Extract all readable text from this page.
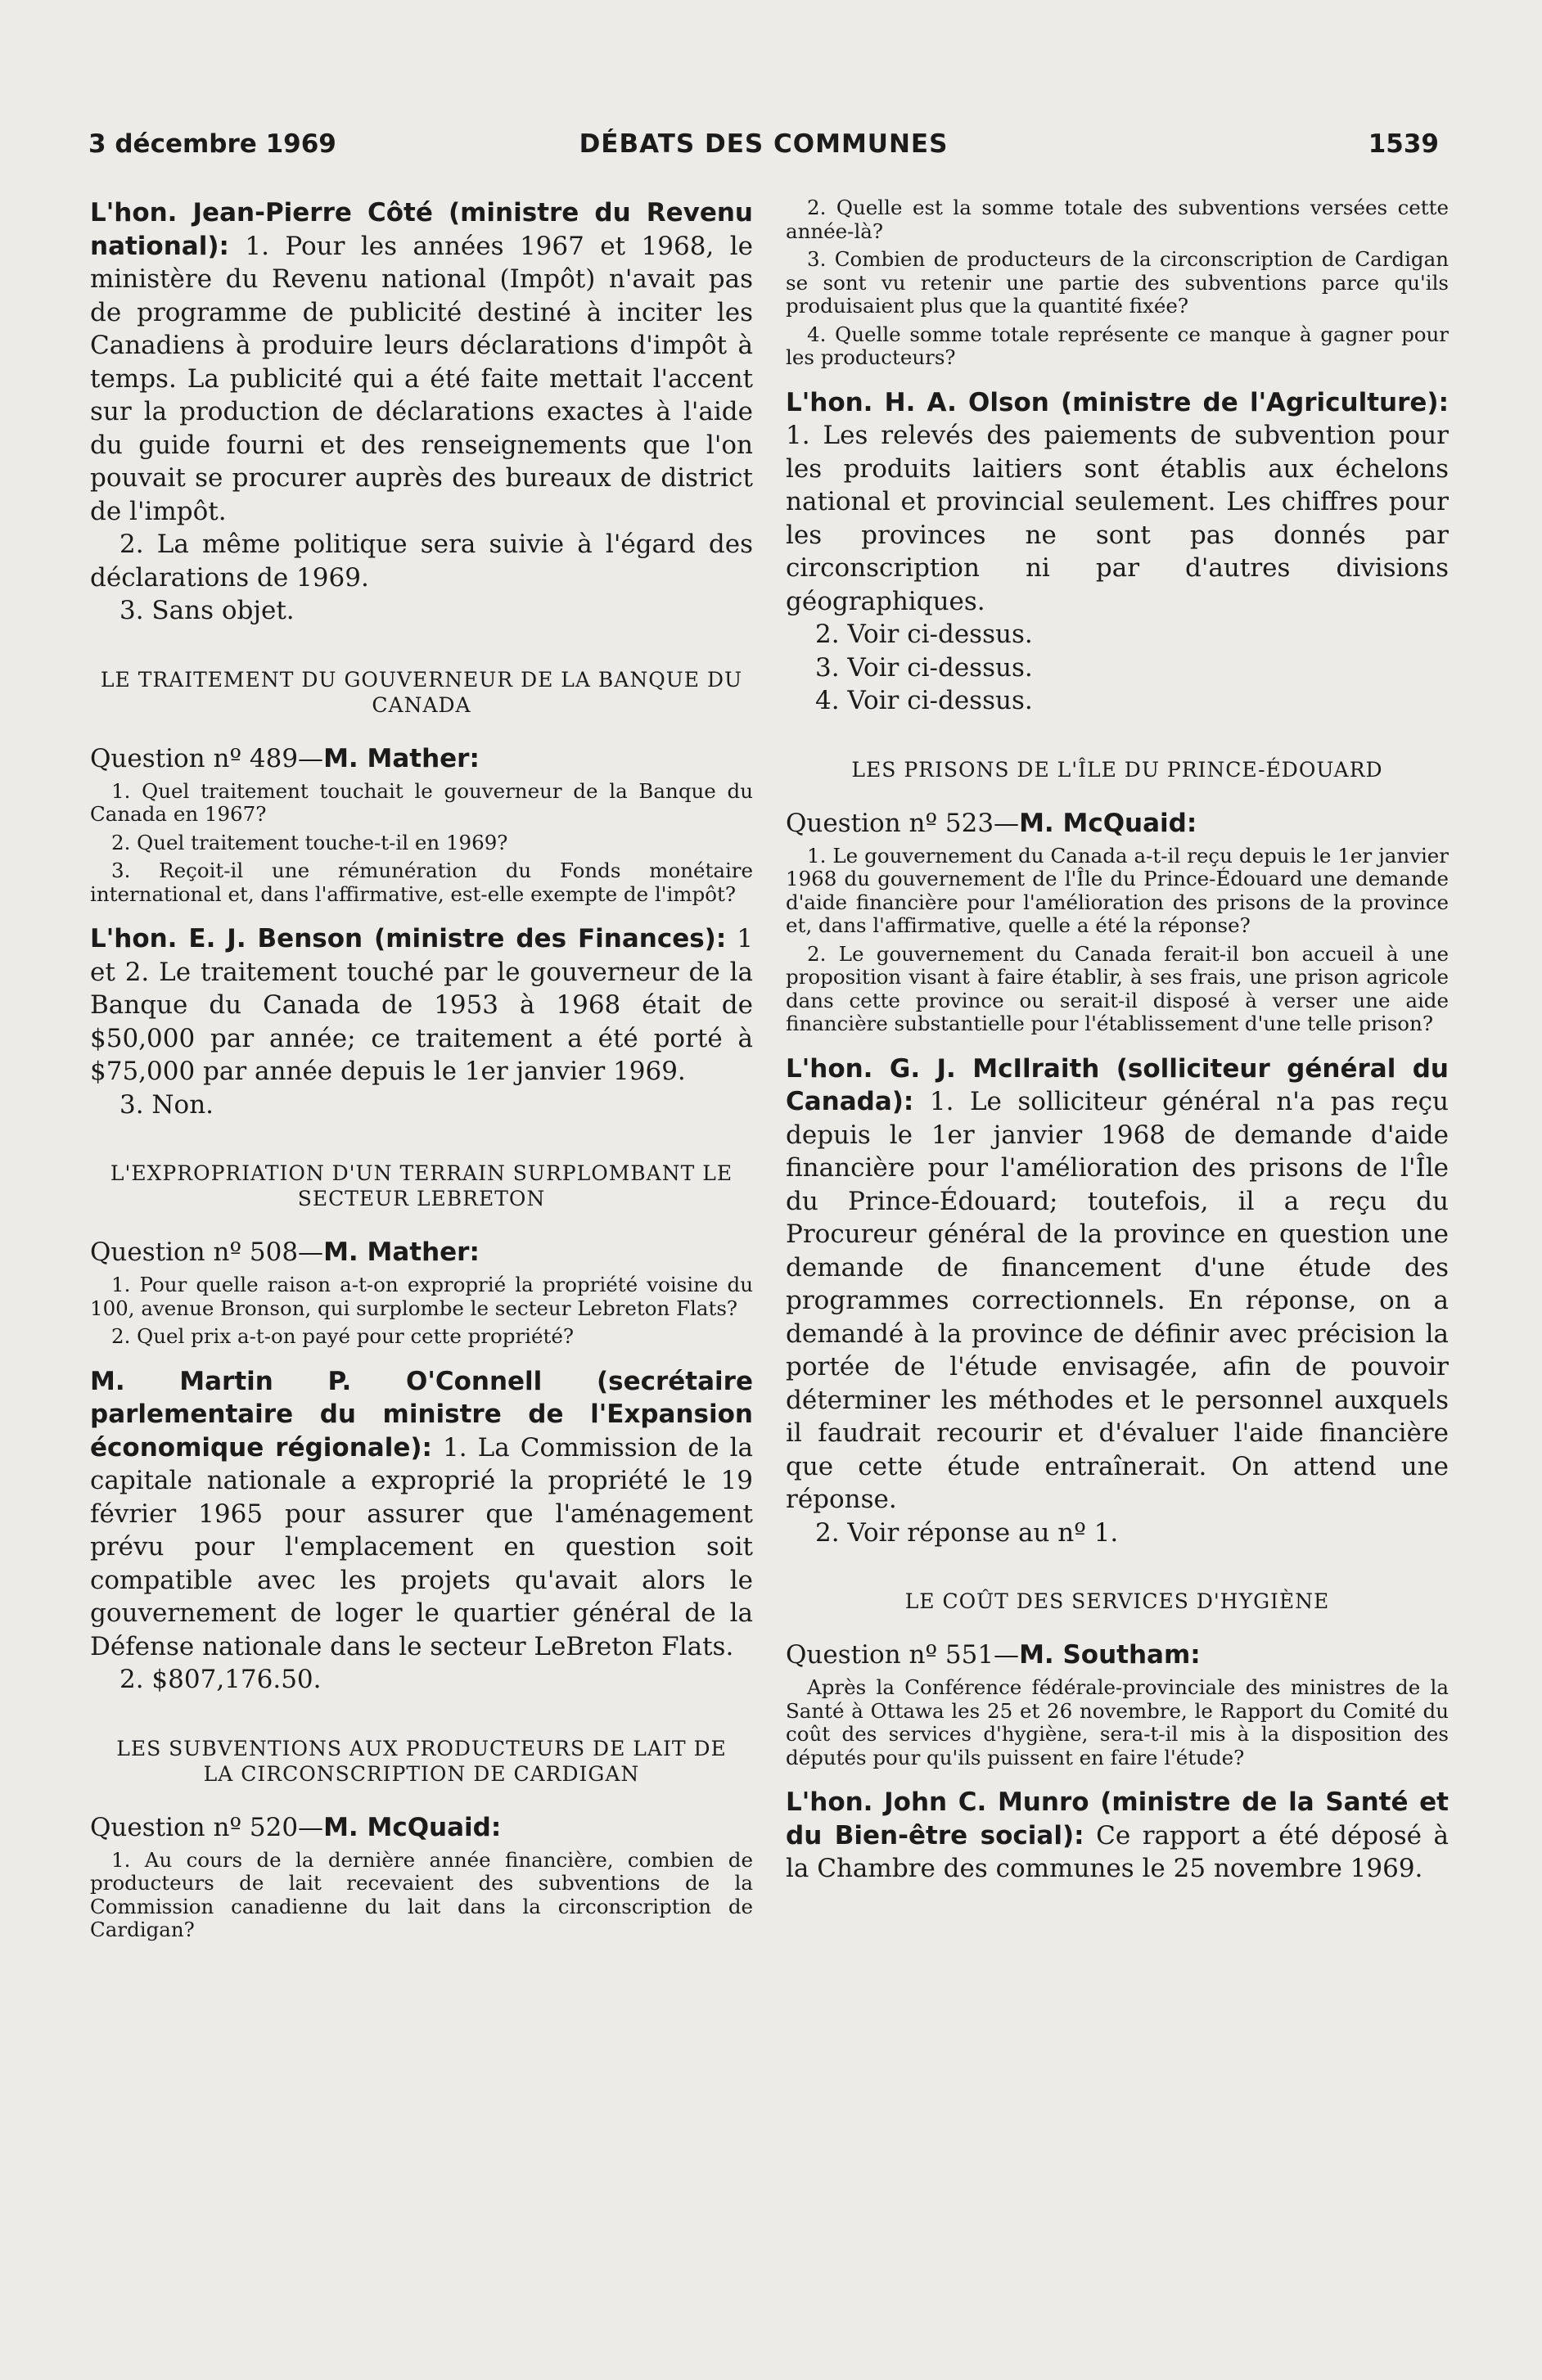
3 décembre 1969	DÉBATS DES COMMUNES	1539

L'hon. Jean-Pierre Côté (ministre du Revenu national): 1. Pour les années 1967 et 1968, le ministère du Revenu national (Impôt) n'avait pas de programme de publicité destiné à inciter les Canadiens à produire leurs déclarations d'impôt à temps. La publicité qui a été faite mettait l'accent sur la production de déclarations exactes à l'aide du guide fourni et des renseignements que l'on pouvait se procurer auprès des bureaux de district de l'impôt.

2. La même politique sera suivie à l'égard des déclarations de 1969.

3. Sans objet.

LE TRAITEMENT DU GOUVERNEUR DE LA BANQUE DU CANADA

Question nº 489—M. Mather:

1. Quel traitement touchait le gouverneur de la Banque du Canada en 1967?

2. Quel traitement touche-t-il en 1969?

3. Reçoit-il une rémunération du Fonds monétaire international et, dans l'affirmative, est-elle exempte de l'impôt?

L'hon. E. J. Benson (ministre des Finances): 1 et 2. Le traitement touché par le gouverneur de la Banque du Canada de 1953 à 1968 était de $50,000 par année; ce traitement a été porté à $75,000 par année depuis le 1er janvier 1969.

3. Non.

L'EXPROPRIATION D'UN TERRAIN SURPLOMBANT LE SECTEUR LEBRETON

Question nº 508—M. Mather:

1. Pour quelle raison a-t-on exproprié la propriété voisine du 100, avenue Bronson, qui surplombe le secteur Lebreton Flats?

2. Quel prix a-t-on payé pour cette propriété?

M. Martin P. O'Connell (secrétaire parlementaire du ministre de l'Expansion économique régionale): 1. La Commission de la capitale nationale a exproprié la propriété le 19 février 1965 pour assurer que l'aménagement prévu pour l'emplacement en question soit compatible avec les projets qu'avait alors le gouvernement de loger le quartier général de la Défense nationale dans le secteur LeBreton Flats.

2. $807,176.50.

LES SUBVENTIONS AUX PRODUCTEURS DE LAIT DE LA CIRCONSCRIPTION DE CARDIGAN

Question nº 520—M. McQuaid:

1. Au cours de la dernière année financière, combien de producteurs de lait recevaient des subventions de la Commission canadienne du lait dans la circonscription de Cardigan?

2. Quelle est la somme totale des subventions versées cette année-là?

3. Combien de producteurs de la circonscription de Cardigan se sont vu retenir une partie des subventions parce qu'ils produisaient plus que la quantité fixée?

4. Quelle somme totale représente ce manque à gagner pour les producteurs?

L'hon. H. A. Olson (ministre de l'Agriculture): 1. Les relevés des paiements de subvention pour les produits laitiers sont établis aux échelons national et provincial seulement. Les chiffres pour les provinces ne sont pas donnés par circonscription ni par d'autres divisions géographiques.

2. Voir ci-dessus.

3. Voir ci-dessus.

4. Voir ci-dessus.

LES PRISONS DE L'ÎLE DU PRINCE-ÉDOUARD

Question nº 523—M. McQuaid:

1. Le gouvernement du Canada a-t-il reçu depuis le 1er janvier 1968 du gouvernement de l'Île du Prince-Édouard une demande d'aide financière pour l'amélioration des prisons de la province et, dans l'affirmative, quelle a été la réponse?

2. Le gouvernement du Canada ferait-il bon accueil à une proposition visant à faire établir, à ses frais, une prison agricole dans cette province ou serait-il disposé à verser une aide financière substantielle pour l'établissement d'une telle prison?

L'hon. G. J. McIlraith (solliciteur général du Canada): 1. Le solliciteur général n'a pas reçu depuis le 1er janvier 1968 de demande d'aide financière pour l'amélioration des prisons de l'Île du Prince-Édouard; toutefois, il a reçu du Procureur général de la province en question une demande de financement d'une étude des programmes correctionnels. En réponse, on a demandé à la province de définir avec précision la portée de l'étude envisagée, afin de pouvoir déterminer les méthodes et le personnel auxquels il faudrait recourir et d'évaluer l'aide financière que cette étude entraînerait. On attend une réponse.

2. Voir réponse au nº 1.

LE COÛT DES SERVICES D'HYGIÈNE

Question nº 551—M. Southam:

Après la Conférence fédérale-provinciale des ministres de la Santé à Ottawa les 25 et 26 novembre, le Rapport du Comité du coût des services d'hygiène, sera-t-il mis à la disposition des députés pour qu'ils puissent en faire l'étude?

L'hon. John C. Munro (ministre de la Santé et du Bien-être social): Ce rapport a été déposé à la Chambre des communes le 25 novembre 1969.
